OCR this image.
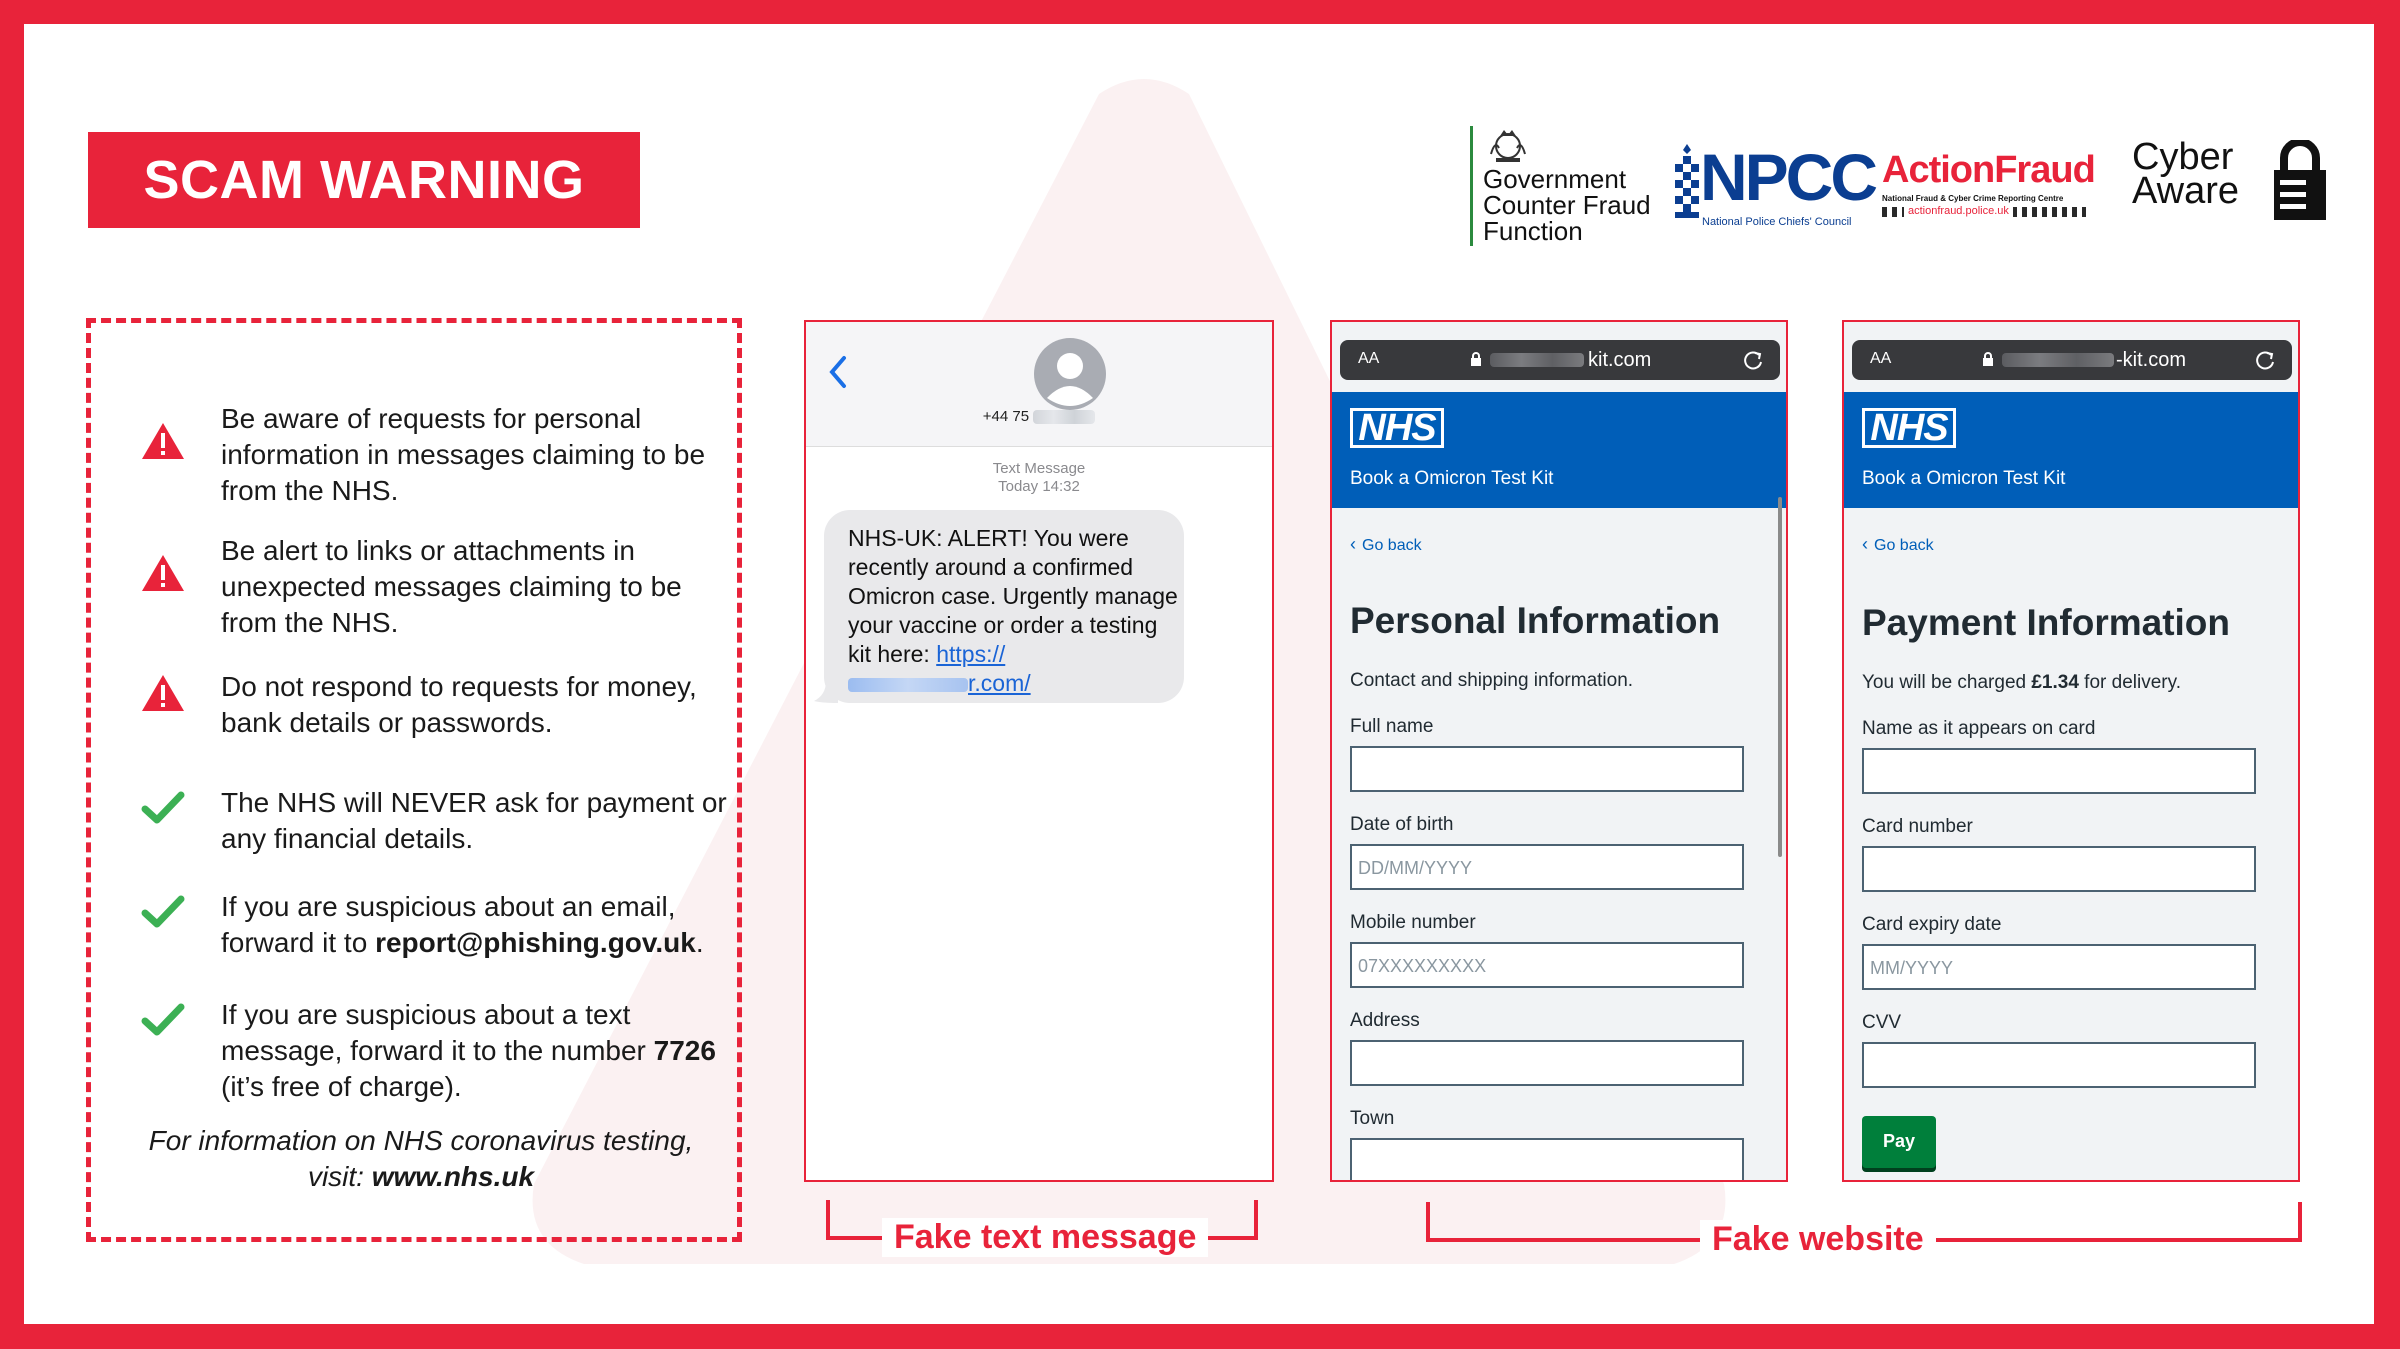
SCAM WARNING	Government
Counter Fraud
Function
NPCC
National Police Chiefs' Council
ActionFraud
National Fraud & Cyber Crime Reporting Centre
actionfraud.police.uk
Cyber
Aware
Be aware of requests for personal information in messages claiming to be from the NHS.
Be alert to links or attachments in unexpected messages claiming to be from the NHS.
Do not respond to requests for money, bank details or passwords.
The NHS will NEVER ask for payment or any financial details.
If you are suspicious about an email, forward it to report@phishing.gov.uk.
If you are suspicious about a text message, forward it to the number 7726 (it’s free of charge).
For information on NHS coronavirus testing, visit: www.nhs.uk
+44 75
Text Message
Today 14:32
NHS-UK: ALERT! You were recently around a confirmed Omicron case. Urgently manage your vaccine or order a testing kit here: https://
r.com/
AA	kit.com
NHS
Book a Omicron Test Kit
‹ Go back
Personal Information
Contact and shipping information.
Full name
Date of birth
DD/MM/YYYY
Mobile number
07XXXXXXXXX
Address
Town
AA	-kit.com
NHS
Book a Omicron Test Kit
‹ Go back
Payment Information
You will be charged £1.34 for delivery.
Name as it appears on card
Card number
Card expiry date
MM/YYYY
CVV
Pay
Fake text message	Fake website
